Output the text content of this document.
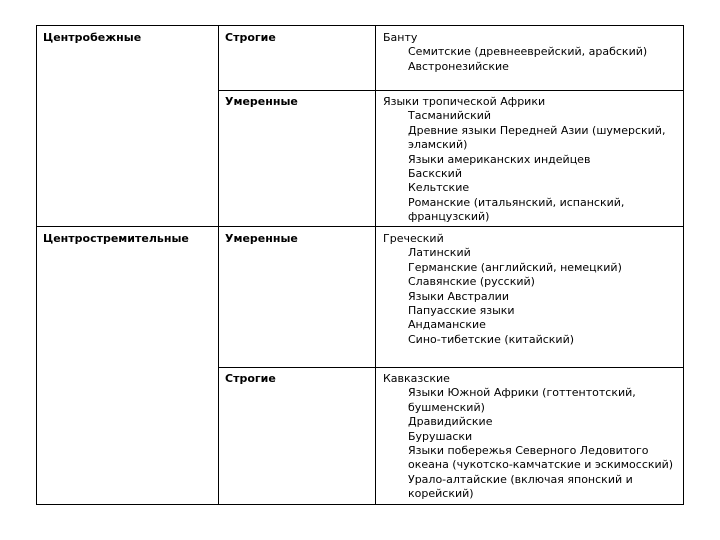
Центробежные
Центростремительные
Строгие
Умеренные
Умеренные
Строгие
Банту
Семитские (древнееврейский, арабский)
Австронезийские
Языки тропической Африки
Тасманийский
Древние языки Передней Азии (шумерский,
эламский)
Языки американских индейцев
Баскский
Кельтские
Романские (итальянский, испанский,
французский)
Греческий
Латинский
Германские (английский, немецкий)
Славянские (русский)
Языки Австралии
Папуасские языки
Андаманские
Сино-тибетские (китайский)
Кавказские
Языки Южной Африки (готтентотский,
бушменский)
Дравидийские
Бурушаски
Языки побережья Северного Ледовитого
океана (чукотско-камчатские и эскимосский)
Урало-алтайские (включая японский и
корейский)
